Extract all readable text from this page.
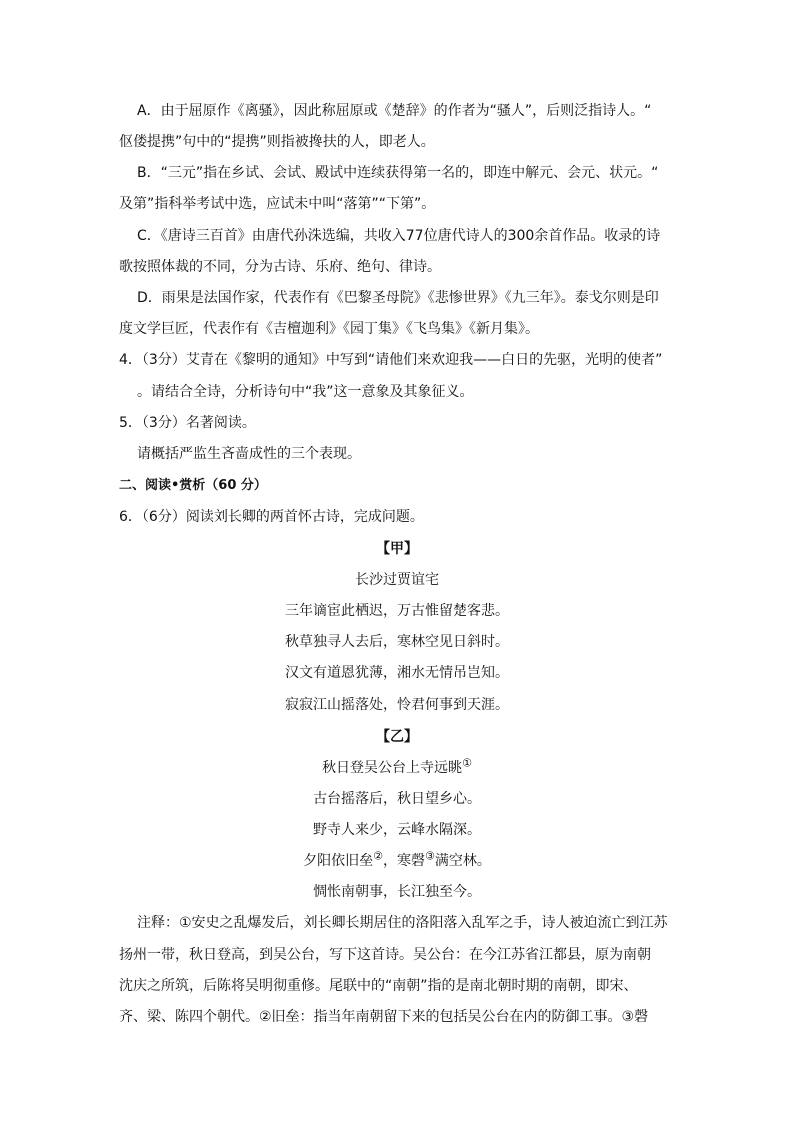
A．由于屈原作《离骚》，因此称屈原或《楚辞》的作者为“骚人”，后则泛指诗人。“
伛偻提携”句中的“提携”则指被搀扶的人，即老人。
B．“三元”指在乡试、会试、殿试中连续获得第一名的，即连中解元、会元、状元。“
及第”指科举考试中选，应试未中叫“落第”“下第”。
C．《唐诗三百首》由唐代孙洙选编，共收入77位唐代诗人的300余首作品。收录的诗
歌按照体裁的不同，分为古诗、乐府、绝句、律诗。
D．雨果是法国作家，代表作有《巴黎圣母院》《悲惨世界》《九三年》。泰戈尔则是印
度文学巨匠，代表作有《吉檀迦利》《园丁集》《飞鸟集》《新月集》。
4．（3分）艾青在《黎明的通知》中写到“请他们来欢迎我——白日的先驱，光明的使者”
。请结合全诗，分析诗句中“我”这一意象及其象征义。
5．（3分）名著阅读。
请概括严监生吝啬成性的三个表现。
二、阅读•赏析（60 分）
6．（6分）阅读刘长卿的两首怀古诗，完成问题。
【甲】
长沙过贾谊宅
三年谪宦此栖迟，万古惟留楚客悲。
秋草独寻人去后，寒林空见日斜时。
汉文有道恩犹薄，湘水无情吊岂知。
寂寂江山摇落处，怜君何事到天涯。
【乙】
秋日登吴公台上寺远眺①
古台摇落后，秋日望乡心。
野寺人来少，云峰水隔深。
夕阳依旧垒②，寒磬③满空林。
惆怅南朝事，长江独至今。
注释：①安史之乱爆发后，刘长卿长期居住的洛阳落入乱军之手，诗人被迫流亡到江苏
扬州一带，秋日登高，到吴公台，写下这首诗。吴公台：在今江苏省江都县，原为南朝
沈庆之所筑，后陈将吴明彻重修。尾联中的“南朝”指的是南北朝时期的南朝，即宋、
齐、梁、陈四个朝代。②旧垒：指当年南朝留下来的包括吴公台在内的防御工事。③磬
